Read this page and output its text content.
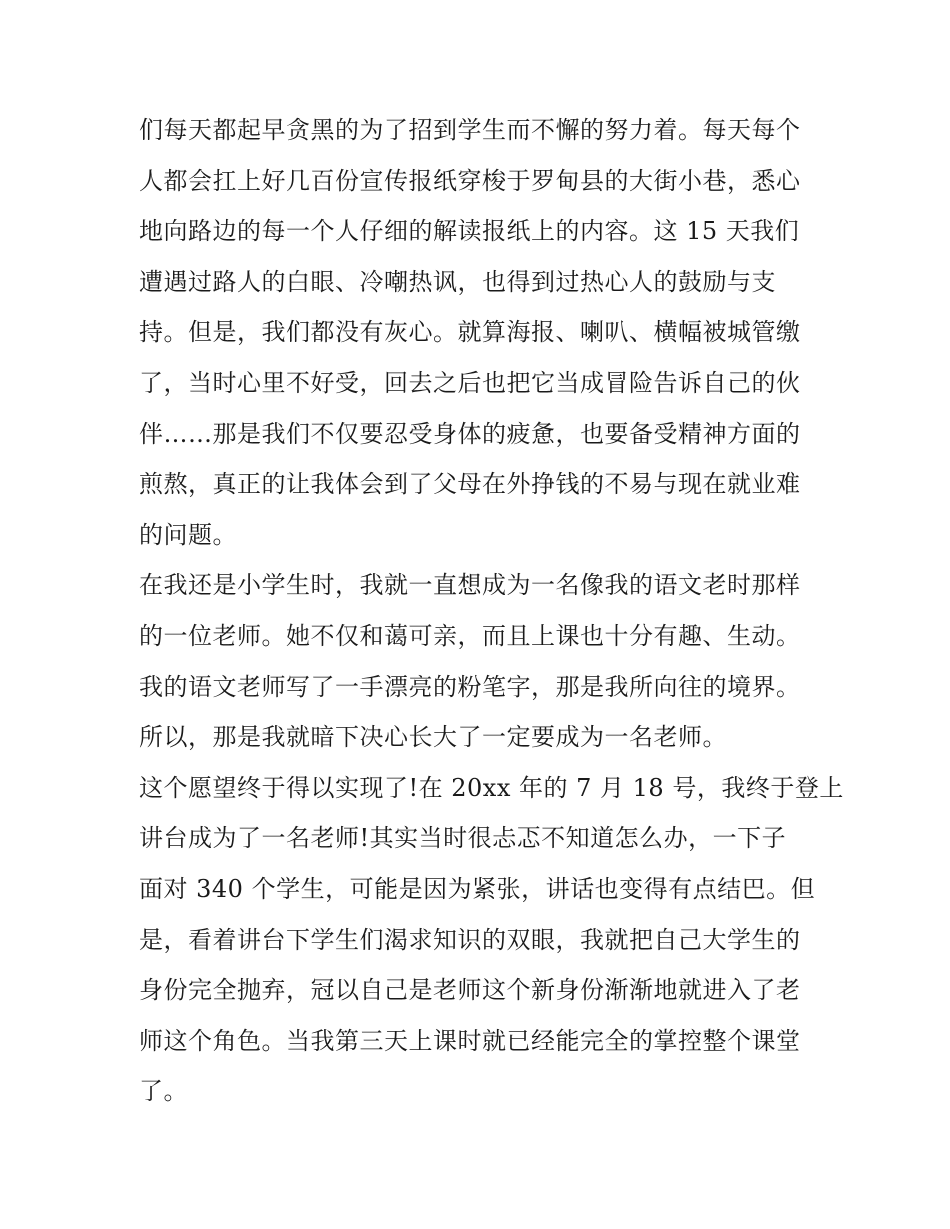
们每天都起早贪黑的为了招到学生而不懈的努力着。每天每个
人都会扛上好几百份宣传报纸穿梭于罗甸县的大街小巷，悉心
地向路边的每一个人仔细的解读报纸上的内容。这 15 天我们
遭遇过路人的白眼、冷嘲热讽，也得到过热心人的鼓励与支
持。但是，我们都没有灰心。就算海报、喇叭、横幅被城管缴
了，当时心里不好受，回去之后也把它当成冒险告诉自己的伙
伴……那是我们不仅要忍受身体的疲惫，也要备受精神方面的
煎熬，真正的让我体会到了父母在外挣钱的不易与现在就业难
的问题。
在我还是小学生时，我就一直想成为一名像我的语文老时那样
的一位老师。她不仅和蔼可亲，而且上课也十分有趣、生动。
我的语文老师写了一手漂亮的粉笔字，那是我所向往的境界。
所以，那是我就暗下决心长大了一定要成为一名老师。
这个愿望终于得以实现了!在 20xx 年的 7 月 18 号，我终于登上
讲台成为了一名老师!其实当时很忐忑不知道怎么办，一下子
面对 340 个学生，可能是因为紧张，讲话也变得有点结巴。但
是，看着讲台下学生们渴求知识的双眼，我就把自己大学生的
身份完全抛弃，冠以自己是老师这个新身份渐渐地就进入了老
师这个角色。当我第三天上课时就已经能完全的掌控整个课堂
了。
